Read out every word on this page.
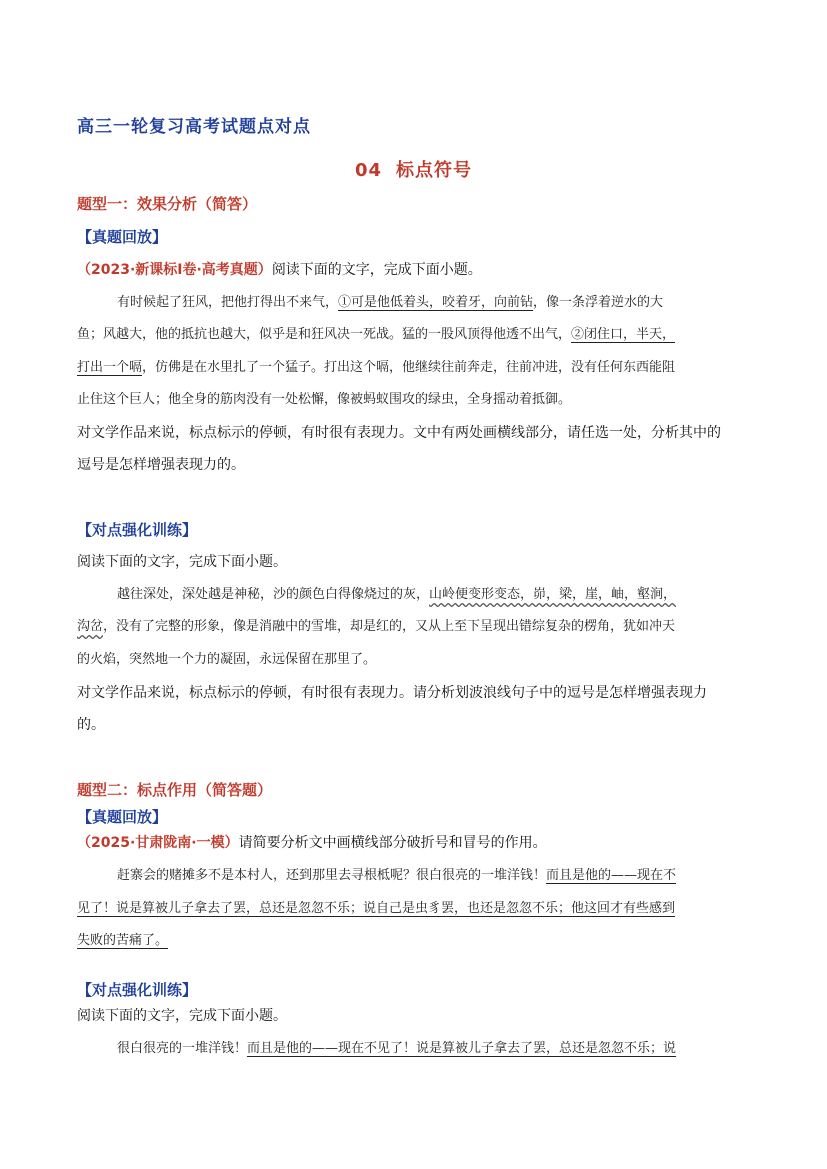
高三一轮复习高考试题点对点
04 标点符号
题型一：效果分析（简答）
【真题回放】
（2023·新课标Ⅰ卷·高考真题）阅读下面的文字，完成下面小题。
有时候起了狂风，把他打得出不来气，①可是他低着头，咬着牙，向前钻，像一条浮着逆水的大
鱼；风越大，他的抵抗也越大，似乎是和狂风决一死战。猛的一股风顶得他透不出气，②闭住口，半天，
打出一个嗝，仿佛是在水里扎了一个猛子。打出这个嗝，他继续往前奔走，往前冲进，没有任何东西能阻
止住这个巨人；他全身的筋肉没有一处松懈，像被蚂蚁围攻的绿虫，全身摇动着抵御。
对文学作品来说，标点标示的停顿，有时很有表现力。文中有两处画横线部分，请任选一处，分析其中的
逗号是怎样增强表现力的。
【对点强化训练】
阅读下面的文字，完成下面小题。
越往深处，深处越是神秘，沙的颜色白得像烧过的灰，山岭便变形变态，峁，梁，崖，岫，壑涧，
沟岔，没有了完整的形象，像是消融中的雪堆，却是红的，又从上至下呈现出错综复杂的楞角，犹如冲天
的火焰，突然地一个力的凝固，永远保留在那里了。
对文学作品来说，标点标示的停顿，有时很有表现力。请分析划波浪线句子中的逗号是怎样增强表现力
的。
题型二：标点作用（简答题）
【真题回放】
（2025·甘肃陇南·一模）请简要分析文中画横线部分破折号和冒号的作用。
赶寨会的赌摊多不是本村人，还到那里去寻根柢呢？很白很亮的一堆洋钱！而且是他的——现在不
见了！说是算被儿子拿去了罢，总还是忽忽不乐；说自己是虫豸罢，也还是忽忽不乐；他这回才有些感到
失败的苦痛了。
【对点强化训练】
阅读下面的文字，完成下面小题。
很白很亮的一堆洋钱！而且是他的——现在不见了！说是算被儿子拿去了罢，总还是忽忽不乐；说
